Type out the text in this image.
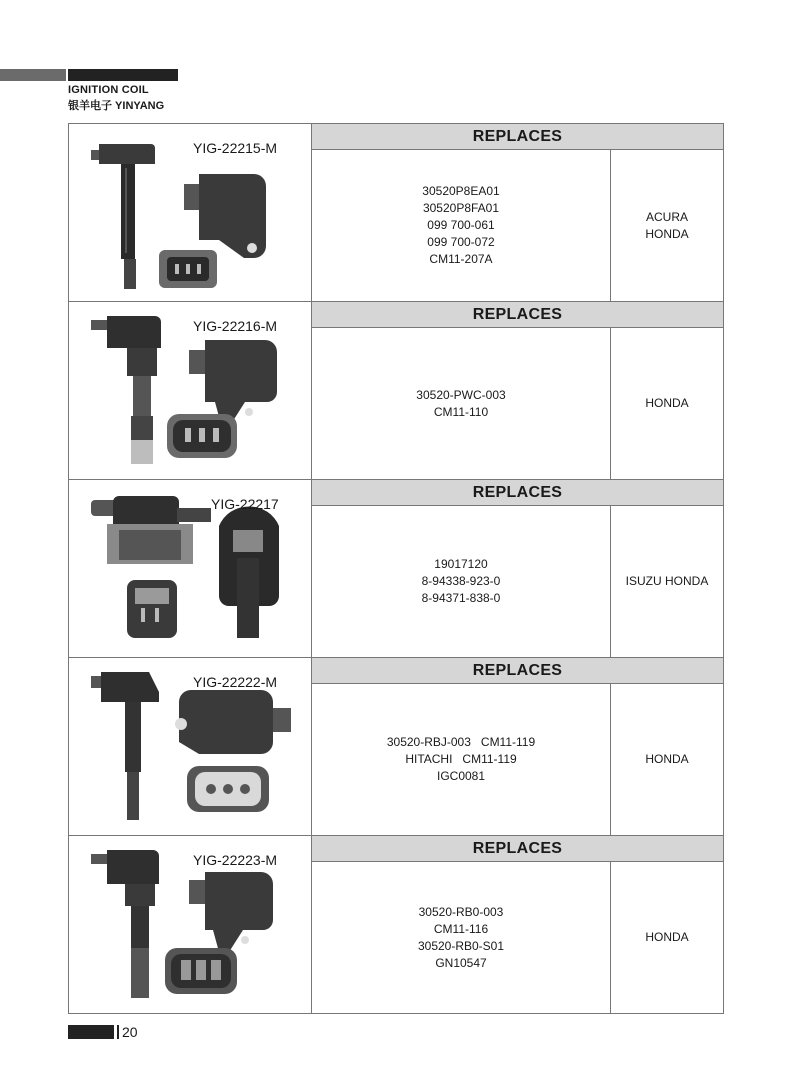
IGNITION COIL
银羊电子 YINYANG
YIG-22215-M
REPLACES
30520P8EA01
30520P8FA01
099 700-061
099 700-072
CM11-207A
ACURA
HONDA
YIG-22216-M
REPLACES
30520-PWC-003
CM11-110
HONDA
YIG-22217
REPLACES
19017120
8-94338-923-0
8-94371-838-0
ISUZU HONDA
YIG-22222-M
REPLACES
30520-RBJ-003   CM11-119
HITACHI   CM11-119
IGC0081
HONDA
YIG-22223-M
REPLACES
30520-RB0-003
CM11-116
30520-RB0-S01
GN10547
HONDA
20
